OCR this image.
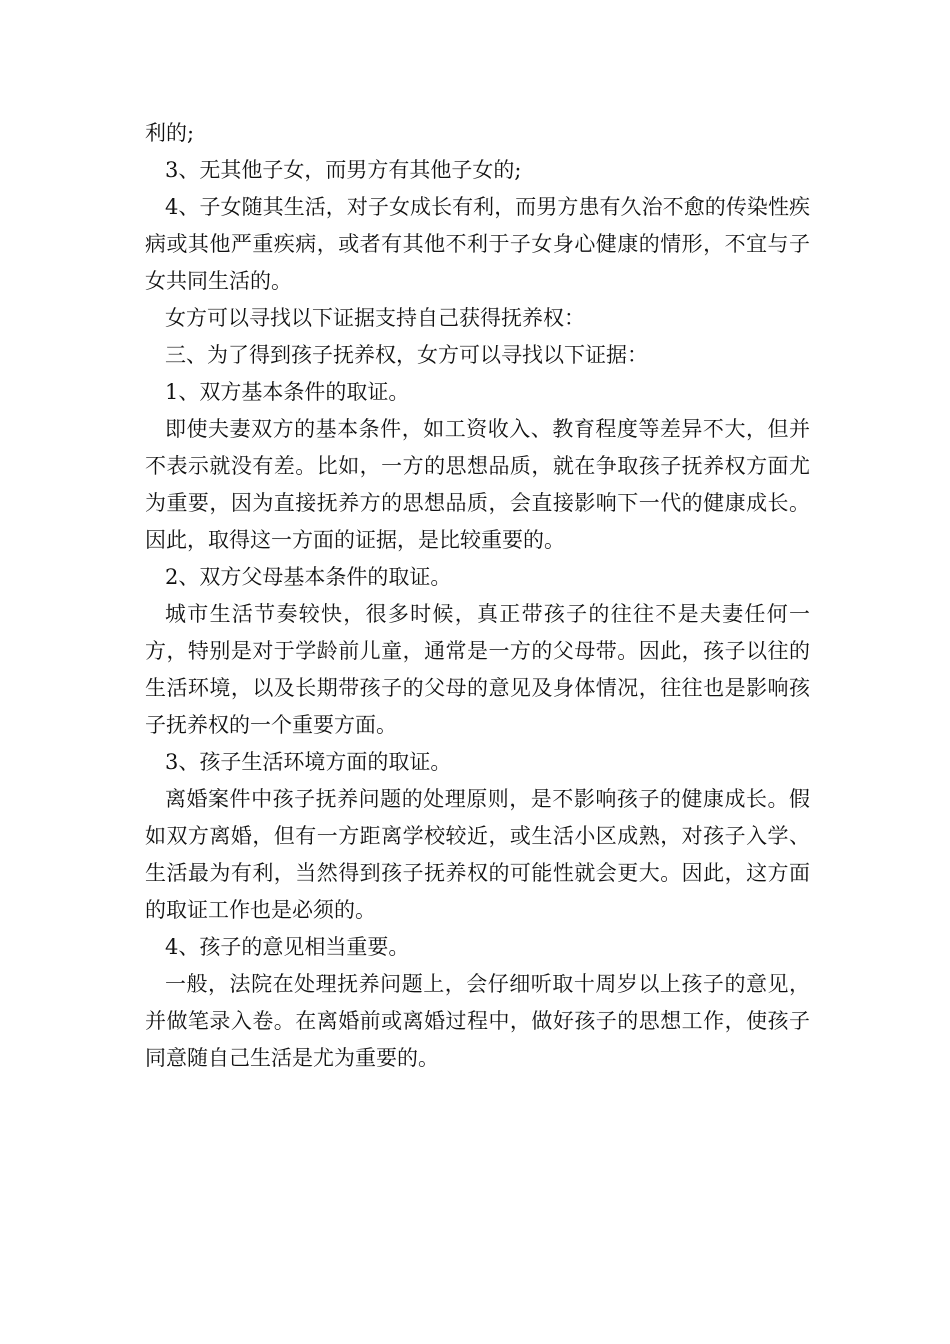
利的;

3、无其他子女，而男方有其他子女的;

4、子女随其生活，对子女成长有利，而男方患有久治不愈的传染性疾病或其他严重疾病，或者有其他不利于子女身心健康的情形，不宜与子女共同生活的。

女方可以寻找以下证据支持自己获得抚养权：

三、为了得到孩子抚养权，女方可以寻找以下证据：

1、双方基本条件的取证。

即使夫妻双方的基本条件，如工资收入、教育程度等差异不大，但并不表示就没有差。比如，一方的思想品质，就在争取孩子抚养权方面尤为重要，因为直接抚养方的思想品质，会直接影响下一代的健康成长。因此，取得这一方面的证据，是比较重要的。

2、双方父母基本条件的取证。

城市生活节奏较快，很多时候，真正带孩子的往往不是夫妻任何一方，特别是对于学龄前儿童，通常是一方的父母带。因此，孩子以往的生活环境，以及长期带孩子的父母的意见及身体情况，往往也是影响孩子抚养权的一个重要方面。

3、孩子生活环境方面的取证。

离婚案件中孩子抚养问题的处理原则，是不影响孩子的健康成长。假如双方离婚，但有一方距离学校较近，或生活小区成熟，对孩子入学、生活最为有利，当然得到孩子抚养权的可能性就会更大。因此，这方面的取证工作也是必须的。

4、孩子的意见相当重要。

一般，法院在处理抚养问题上，会仔细听取十周岁以上孩子的意见，并做笔录入卷。在离婚前或离婚过程中，做好孩子的思想工作，使孩子同意随自己生活是尤为重要的。
